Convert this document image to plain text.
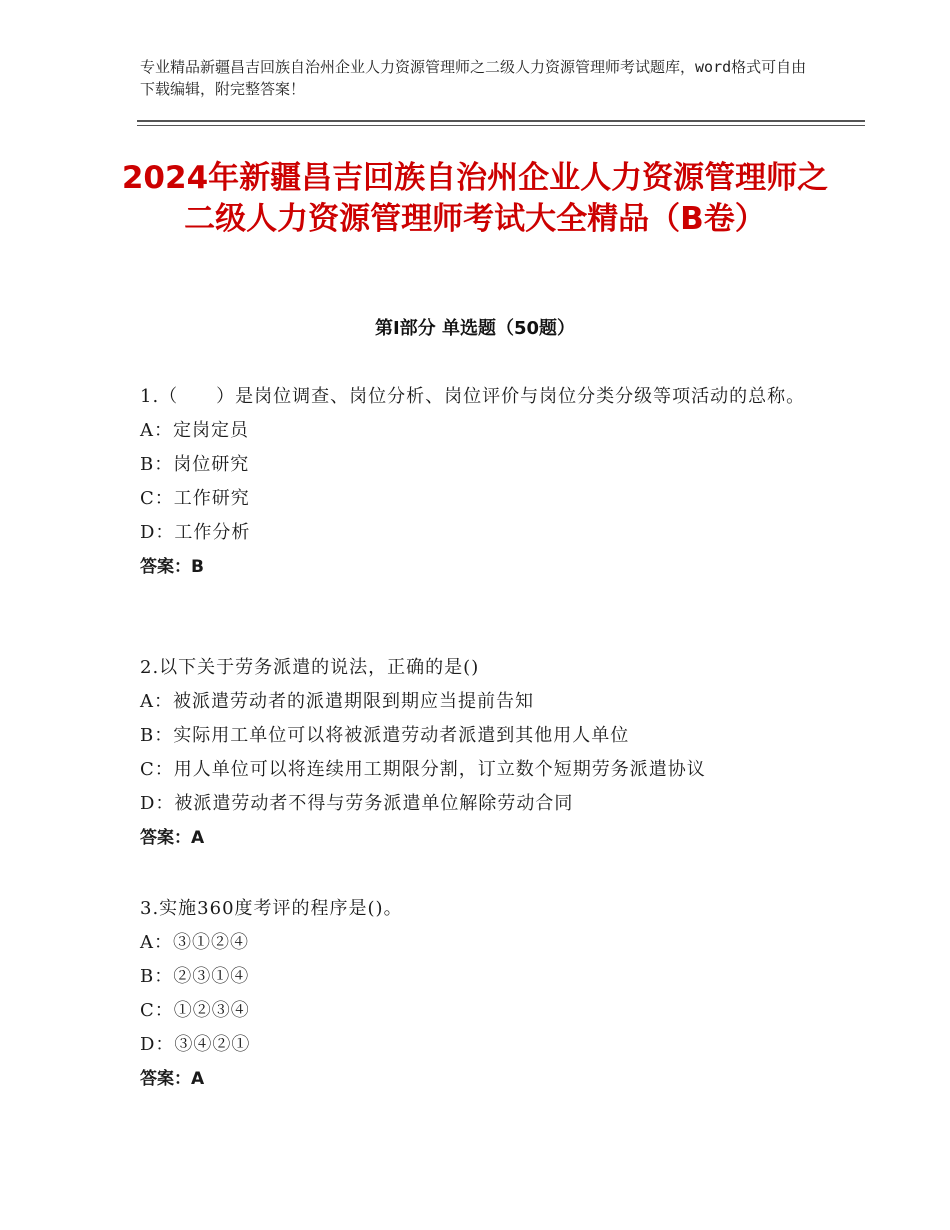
专业精品新疆昌吉回族自治州企业人力资源管理师之二级人力资源管理师考试题库，word格式可自由下载编辑，附完整答案！
2024年新疆昌吉回族自治州企业人力资源管理师之二级人力资源管理师考试大全精品（B卷）
第Ⅰ部分 单选题（50题）

1.（　　）是岗位调查、岗位分析、岗位评价与岗位分类分级等项活动的总称。

A：定岗定员

B：岗位研究

C：工作研究

D：工作分析

答案：B

2.以下关于劳务派遣的说法，正确的是()

A：被派遣劳动者的派遣期限到期应当提前告知

B：实际用工单位可以将被派遣劳动者派遣到其他用人单位

C：用人单位可以将连续用工期限分割，订立数个短期劳务派遣协议

D：被派遣劳动者不得与劳务派遣单位解除劳动合同

答案：A

3.实施360度考评的程序是()。

A：③①②④

B：②③①④

C：①②③④

D：③④②①

答案：A
